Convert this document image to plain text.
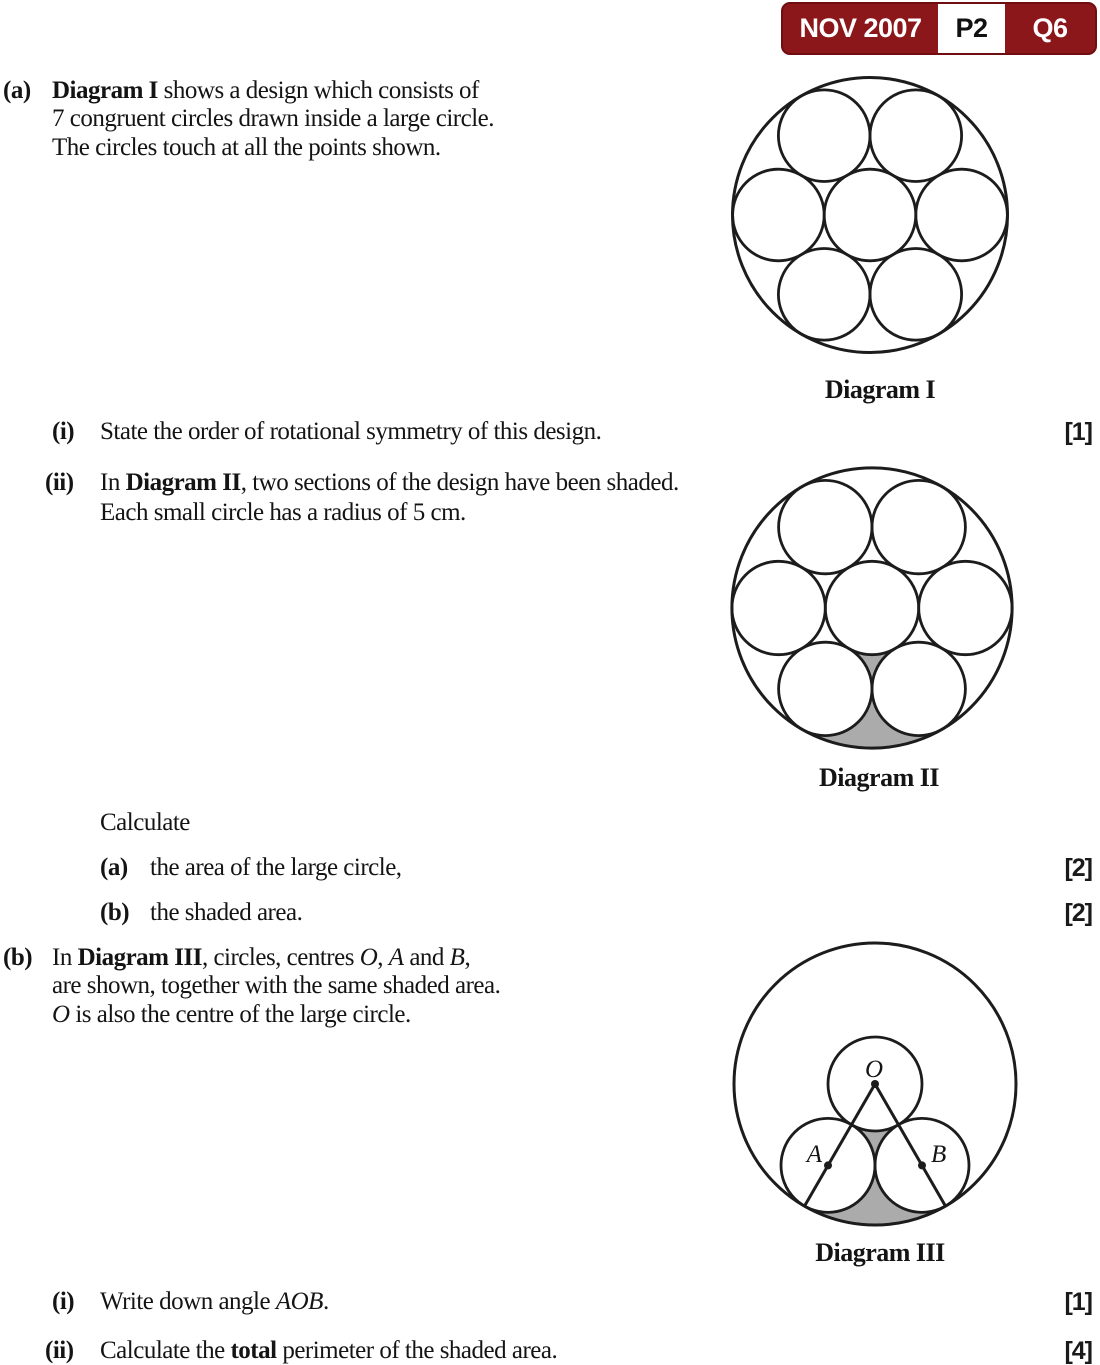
NOV 2007	P2	Q6
(a) Diagram I shows a design which consists of
7 congruent circles drawn inside a large circle.
The circles touch at all the points shown.
Diagram I
(i) State the order of rotational symmetry of this design.	[1]
(ii) In Diagram II, two sections of the design have been shaded.
Each small circle has a radius of 5 cm.
Diagram II
Calculate
(a) the area of the large circle,	[2]
(b) the shaded area.	[2]
(b) In Diagram III, circles, centres O, A and B,
are shown, together with the same shaded area.
O is also the centre of the large circle.
O
A	B
Diagram III
(i) Write down angle AOB.	[1]
(ii) Calculate the total perimeter of the shaded area.	[4]
